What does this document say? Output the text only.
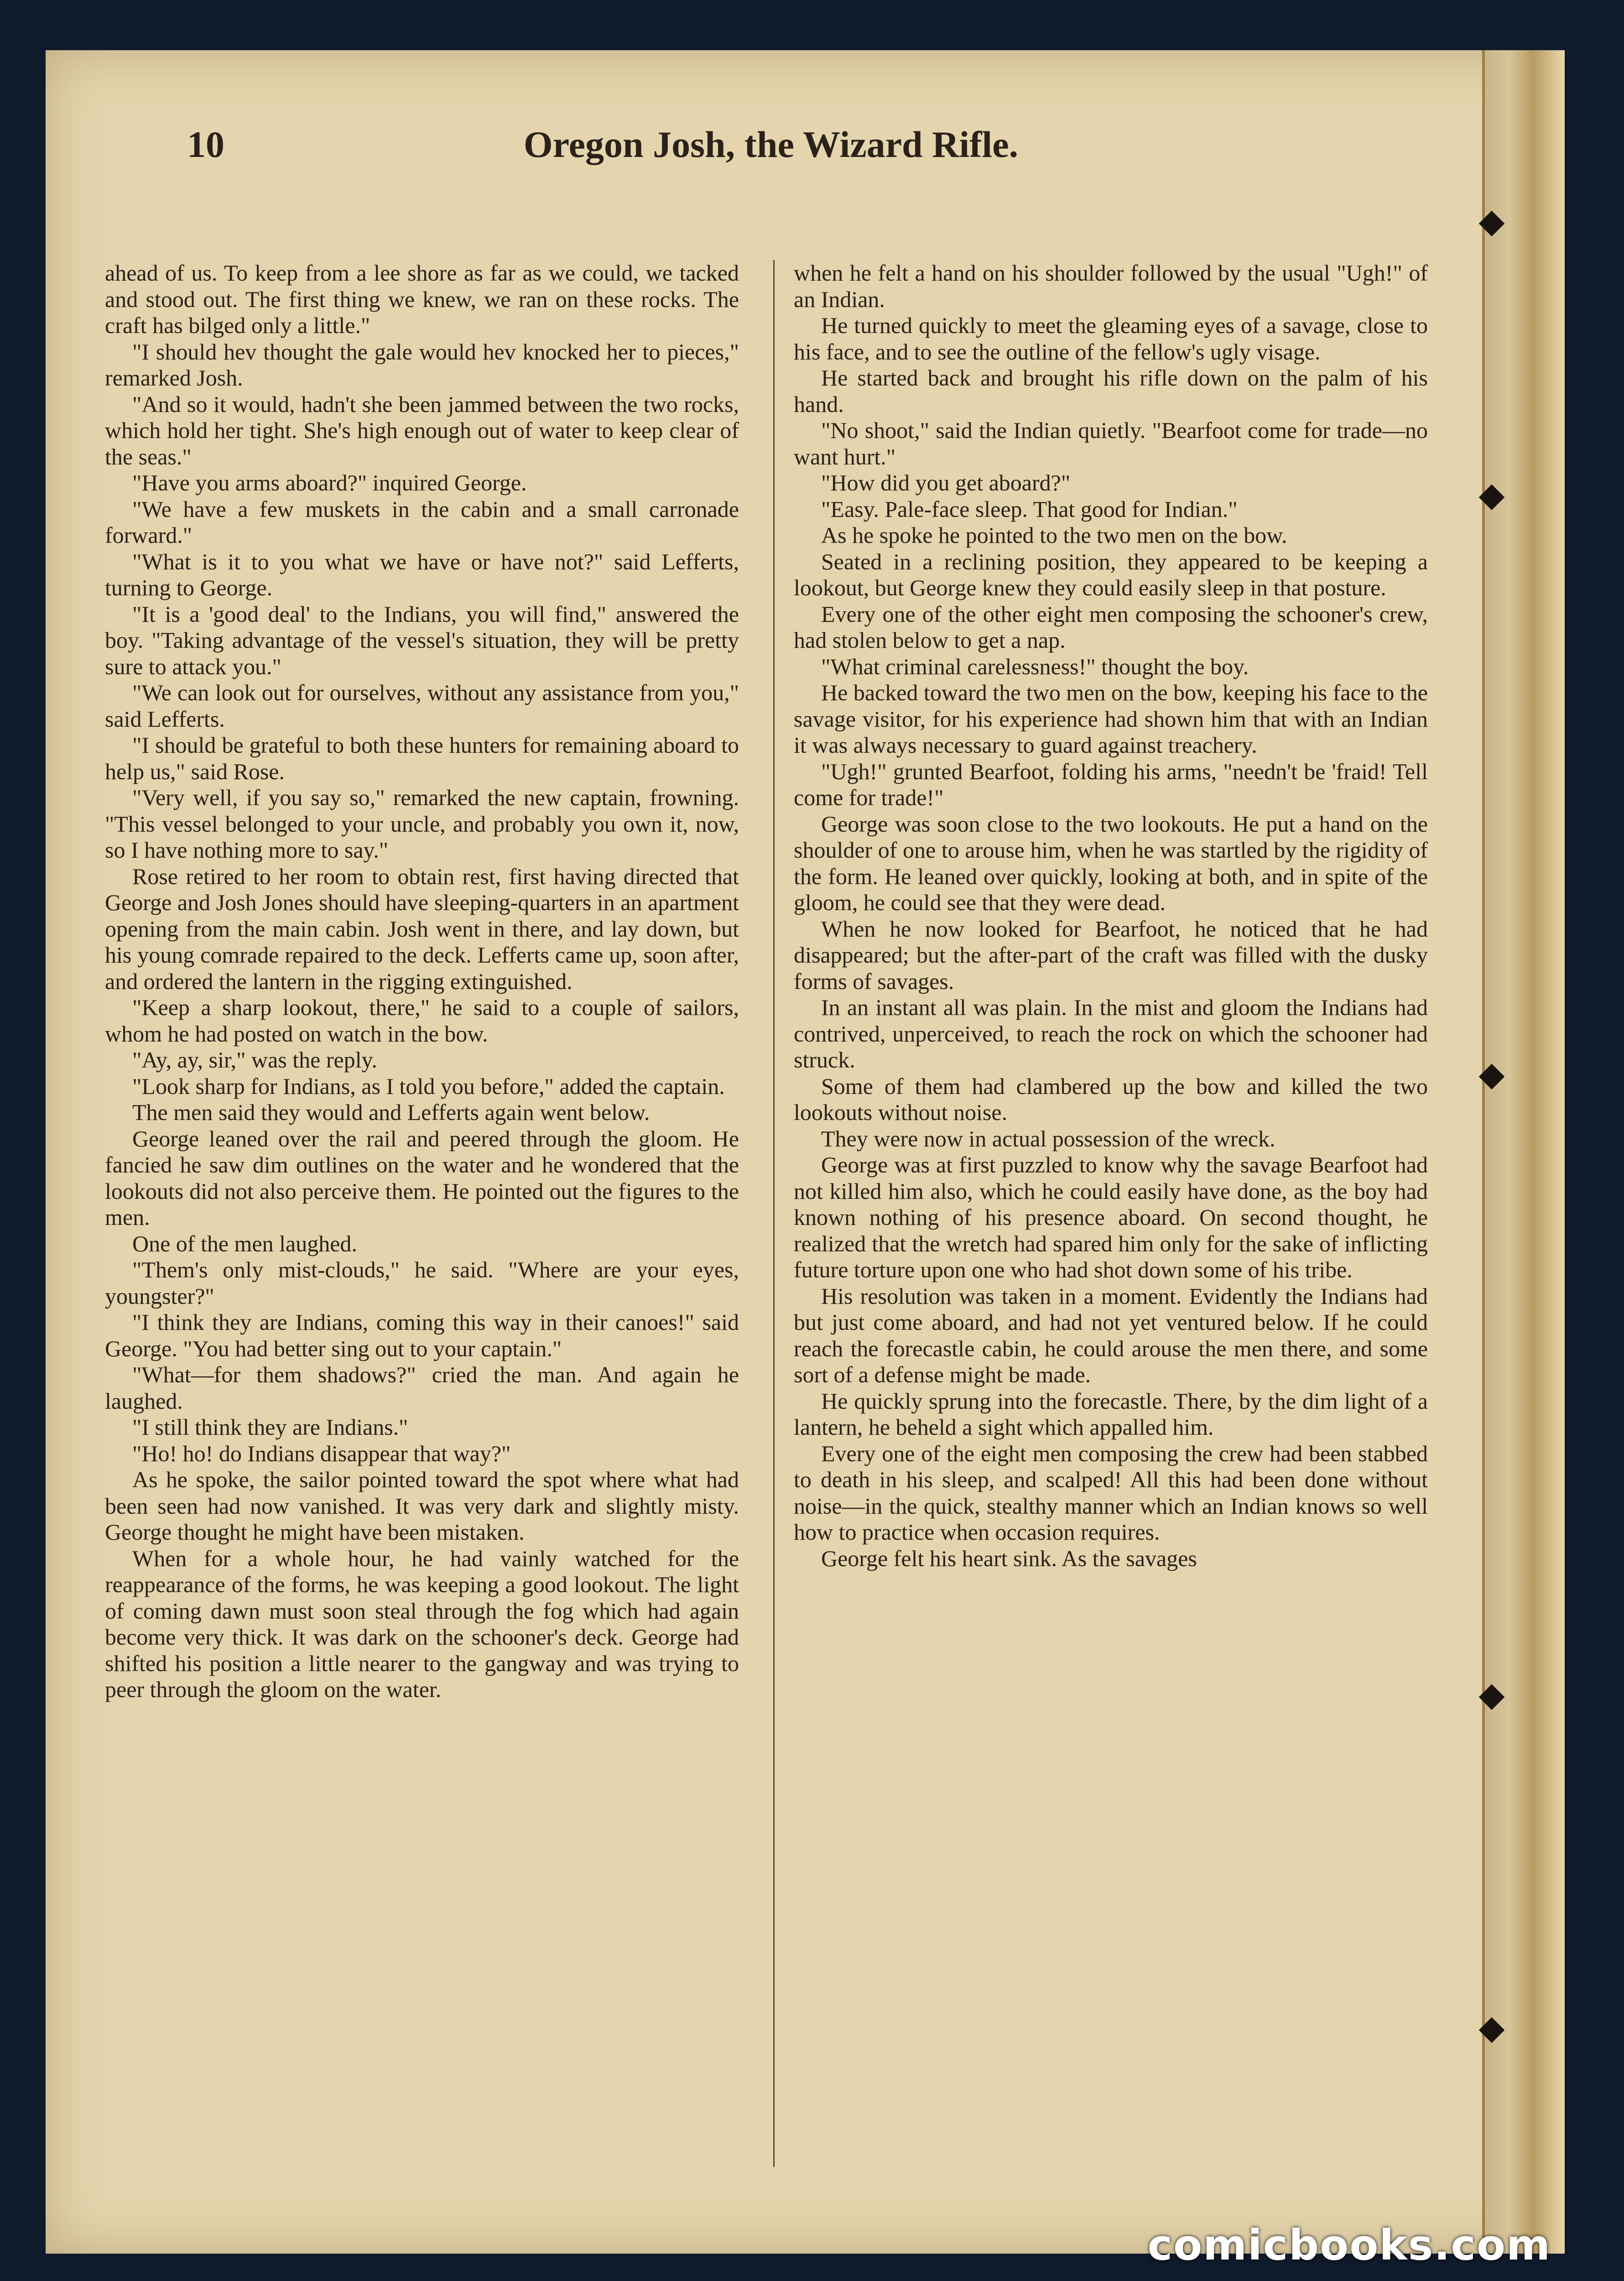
10	Oregon Josh, the Wizard Rifle.

ahead of us. To keep from a lee shore as far as we could, we tacked and stood out. The first thing we knew, we ran on these rocks. The craft has bilged only a little."

"I should hev thought the gale would hev knocked her to pieces," remarked Josh.

"And so it would, hadn't she been jammed between the two rocks, which hold her tight. She's high enough out of water to keep clear of the seas."

"Have you arms aboard?" inquired George.

"We have a few muskets in the cabin and a small carronade forward."

"What is it to you what we have or have not?" said Lefferts, turning to George.

"It is a 'good deal' to the Indians, you will find," answered the boy. "Taking advantage of the vessel's situation, they will be pretty sure to attack you."

"We can look out for ourselves, without any assistance from you," said Lefferts.

"I should be grateful to both these hunters for remaining aboard to help us," said Rose.

"Very well, if you say so," remarked the new captain, frowning. "This vessel belonged to your uncle, and probably you own it, now, so I have nothing more to say."

Rose retired to her room to obtain rest, first having directed that George and Josh Jones should have sleeping-quarters in an apartment opening from the main cabin. Josh went in there, and lay down, but his young comrade repaired to the deck. Lefferts came up, soon after, and ordered the lantern in the rigging extinguished.

"Keep a sharp lookout, there," he said to a couple of sailors, whom he had posted on watch in the bow.

"Ay, ay, sir," was the reply.

"Look sharp for Indians, as I told you before," added the captain.

The men said they would and Lefferts again went below.

George leaned over the rail and peered through the gloom. He fancied he saw dim outlines on the water and he wondered that the lookouts did not also perceive them. He pointed out the figures to the men.

One of the men laughed.

"Them's only mist-clouds," he said. "Where are your eyes, youngster?"

"I think they are Indians, coming this way in their canoes!" said George. "You had better sing out to your captain."

"What—for them shadows?" cried the man. And again he laughed.

"I still think they are Indians."

"Ho! ho! do Indians disappear that way?"

As he spoke, the sailor pointed toward the spot where what had been seen had now vanished. It was very dark and slightly misty. George thought he might have been mistaken.

When for a whole hour, he had vainly watched for the reappearance of the forms, he was keeping a good lookout. The light of coming dawn must soon steal through the fog which had again become very thick. It was dark on the schooner's deck. George had shifted his position a little nearer to the gangway and was trying to peer through the gloom on the water.

when he felt a hand on his shoulder followed by the usual "Ugh!" of an Indian.

He turned quickly to meet the gleaming eyes of a savage, close to his face, and to see the outline of the fellow's ugly visage.

He started back and brought his rifle down on the palm of his hand.

"No shoot," said the Indian quietly. "Bearfoot come for trade—no want hurt."

"How did you get aboard?"

"Easy. Pale-face sleep. That good for Indian."

As he spoke he pointed to the two men on the bow.

Seated in a reclining position, they appeared to be keeping a lookout, but George knew they could easily sleep in that posture.

Every one of the other eight men composing the schooner's crew, had stolen below to get a nap.

"What criminal carelessness!" thought the boy.

He backed toward the two men on the bow, keeping his face to the savage visitor, for his experience had shown him that with an Indian it was always necessary to guard against treachery.

"Ugh!" grunted Bearfoot, folding his arms, "needn't be 'fraid! Tell come for trade!"

George was soon close to the two lookouts. He put a hand on the shoulder of one to arouse him, when he was startled by the rigidity of the form. He leaned over quickly, looking at both, and in spite of the gloom, he could see that they were dead.

When he now looked for Bearfoot, he noticed that he had disappeared; but the after-part of the craft was filled with the dusky forms of savages.

In an instant all was plain. In the mist and gloom the Indians had contrived, unperceived, to reach the rock on which the schooner had struck.

Some of them had clambered up the bow and killed the two lookouts without noise.

They were now in actual possession of the wreck.

George was at first puzzled to know why the savage Bearfoot had not killed him also, which he could easily have done, as the boy had known nothing of his presence aboard. On second thought, he realized that the wretch had spared him only for the sake of inflicting future torture upon one who had shot down some of his tribe.

His resolution was taken in a moment. Evidently the Indians had but just come aboard, and had not yet ventured below. If he could reach the forecastle cabin, he could arouse the men there, and some sort of a defense might be made.

He quickly sprung into the forecastle. There, by the dim light of a lantern, he beheld a sight which appalled him.

Every one of the eight men composing the crew had been stabbed to death in his sleep, and scalped! All this had been done without noise—in the quick, stealthy manner which an Indian knows so well how to practice when occasion requires.

George felt his heart sink. As the savages

comicbooks.com
